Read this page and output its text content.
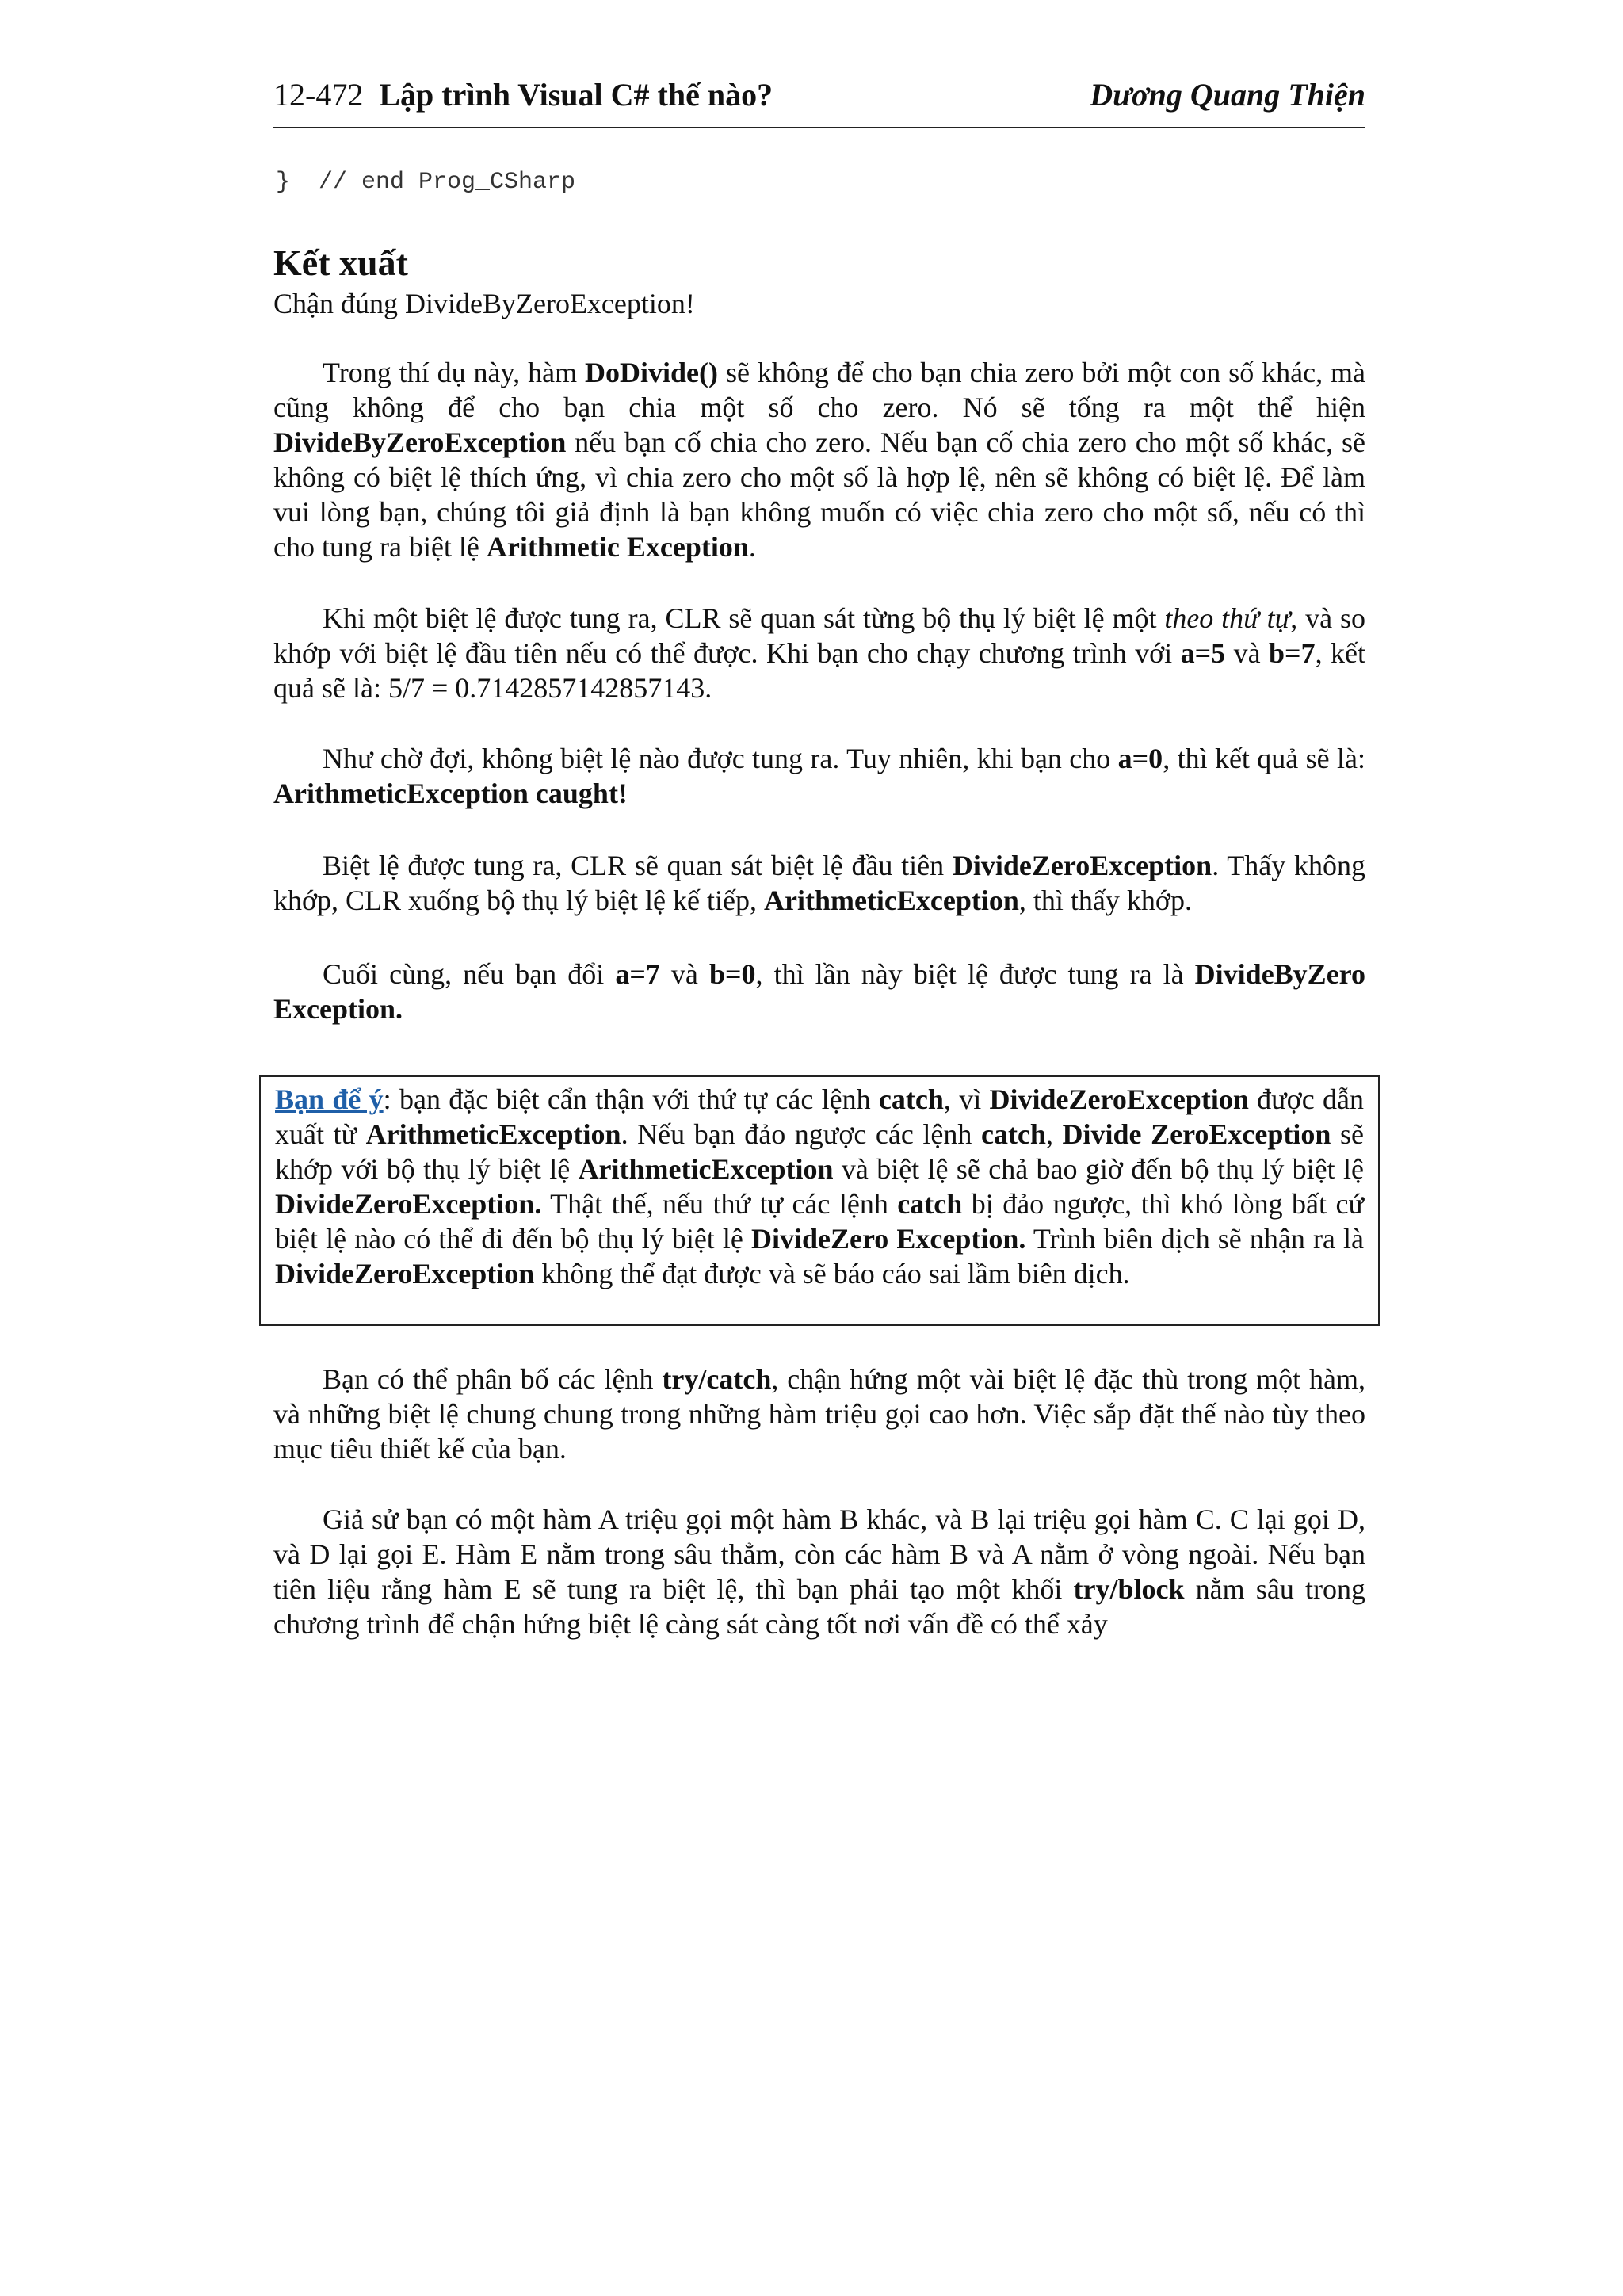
12-472 Lập trình Visual C# thế nào?	Dương Quang Thiện
}  // end Prog_CSharp
Kết xuất
Chận đúng DivideByZeroException!

Trong thí dụ này, hàm DoDivide() sẽ không để cho bạn chia zero bởi một con số khác, mà cũng không để cho bạn chia một số cho zero. Nó sẽ tống ra một thể hiện DivideByZeroException nếu bạn cố chia cho zero. Nếu bạn cố chia zero cho một số khác, sẽ không có biệt lệ thích ứng, vì chia zero cho một số là hợp lệ, nên sẽ không có biệt lệ. Để làm vui lòng bạn, chúng tôi giả định là bạn không muốn có việc chia zero cho một số, nếu có thì cho tung ra biệt lệ Arithmetic Exception.

Khi một biệt lệ được tung ra, CLR sẽ quan sát từng bộ thụ lý biệt lệ một theo thứ tự, và so khớp với biệt lệ đầu tiên nếu có thể được. Khi bạn cho chạy chương trình với a=5 và b=7, kết quả sẽ là: 5/7 = 0.7142857142857143.

Như chờ đợi, không biệt lệ nào được tung ra. Tuy nhiên, khi bạn cho a=0, thì kết quả sẽ là: ArithmeticException caught!

Biệt lệ được tung ra, CLR sẽ quan sát biệt lệ đầu tiên DivideZeroException. Thấy không khớp, CLR xuống bộ thụ lý biệt lệ kế tiếp, ArithmeticException, thì thấy khớp.

Cuối cùng, nếu bạn đổi a=7 và b=0, thì lần này biệt lệ được tung ra là DivideByZero Exception.

Bạn để ý: bạn đặc biệt cẩn thận với thứ tự các lệnh catch, vì DivideZeroException được dẫn xuất từ ArithmeticException. Nếu bạn đảo ngược các lệnh catch, Divide ZeroException sẽ khớp với bộ thụ lý biệt lệ ArithmeticException và biệt lệ sẽ chả bao giờ đến bộ thụ lý biệt lệ DivideZeroException. Thật thế, nếu thứ tự các lệnh catch bị đảo ngược, thì khó lòng bất cứ biệt lệ nào có thể đi đến bộ thụ lý biệt lệ DivideZero Exception. Trình biên dịch sẽ nhận ra là DivideZeroException không thể đạt được và sẽ báo cáo sai lầm biên dịch.

Bạn có thể phân bố các lệnh try/catch, chận hứng một vài biệt lệ đặc thù trong một hàm, và những biệt lệ chung chung trong những hàm triệu gọi cao hơn. Việc sắp đặt thế nào tùy theo mục tiêu thiết kế của bạn.

Giả sử bạn có một hàm A triệu gọi một hàm B khác, và B lại triệu gọi hàm C. C lại gọi D, và D lại gọi E. Hàm E nằm trong sâu thẳm, còn các hàm B và A nằm ở vòng ngoài. Nếu bạn tiên liệu rằng hàm E sẽ tung ra biệt lệ, thì bạn phải tạo một khối try/block nằm sâu trong chương trình để chận hứng biệt lệ càng sát càng tốt nơi vấn đề có thể xảy
